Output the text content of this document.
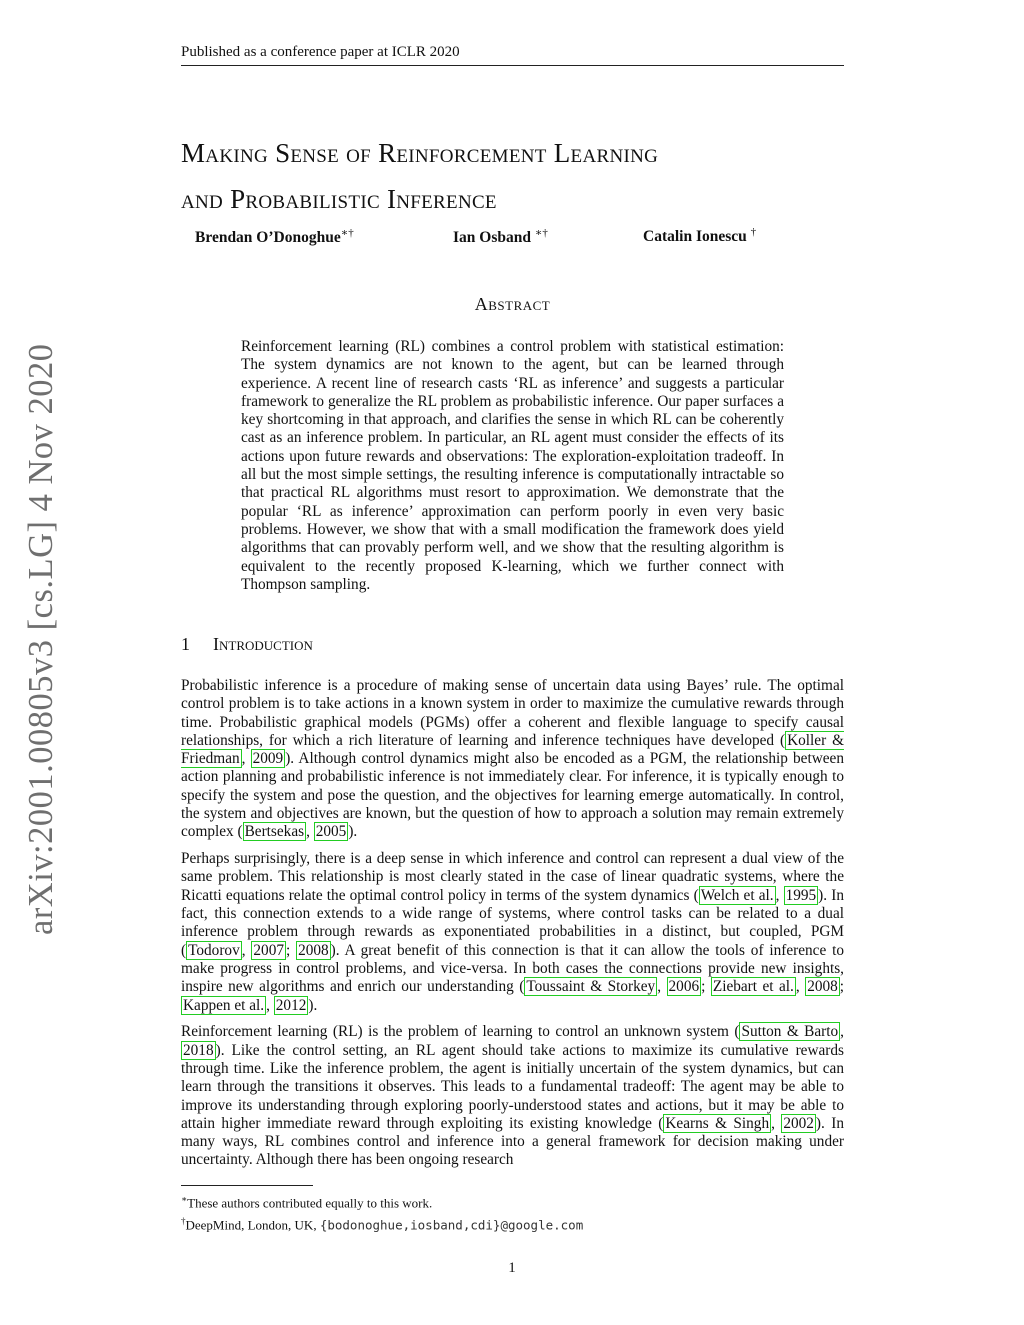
Published as a conference paper at ICLR 2020
Making Sense of Reinforcement Learning
and Probabilistic Inference
Brendan O’Donoghue∗†	Ian Osband ∗†	Catalin Ionescu †
Abstract
Reinforcement learning (RL) combines a control problem with statistical estimation: The system dynamics are not known to the agent, but can be learned through experience. A recent line of research casts ‘RL as inference’ and suggests a particular framework to generalize the RL problem as probabilistic inference. Our paper surfaces a key shortcoming in that approach, and clarifies the sense in which RL can be coherently cast as an inference problem. In particular, an RL agent must consider the effects of its actions upon future rewards and observations: The exploration-exploitation tradeoff. In all but the most simple settings, the resulting inference is computationally intractable so that practical RL algorithms must resort to approximation. We demonstrate that the popular ‘RL as inference’ approximation can perform poorly in even very basic problems. However, we show that with a small modification the framework does yield algorithms that can provably perform well, and we show that the resulting algorithm is equivalent to the recently proposed K-learning, which we further connect with Thompson sampling.
1 Introduction

Probabilistic inference is a procedure of making sense of uncertain data using Bayes’ rule. The optimal control problem is to take actions in a known system in order to maximize the cumulative rewards through time. Probabilistic graphical models (PGMs) offer a coherent and flexible language to specify causal relationships, for which a rich literature of learning and inference techniques have developed ( Koller & Friedman , 2009 ). Although control dynamics might also be encoded as a PGM, the relationship between action planning and probabilistic inference is not immediately clear. For inference, it is typically enough to specify the system and pose the question, and the objectives for learning emerge automatically. In control, the system and objectives are known, but the question of how to approach a solution may remain extremely complex ( Bertsekas , 2005 ).

Perhaps surprisingly, there is a deep sense in which inference and control can represent a dual view of the same problem. This relationship is most clearly stated in the case of linear quadratic systems, where the Ricatti equations relate the optimal control policy in terms of the system dynamics ( Welch et al. , 1995 ). In fact, this connection extends to a wide range of systems, where control tasks can be related to a dual inference problem through rewards as exponentiated probabilities in a distinct, but coupled, PGM ( Todorov , 2007 ; 2008 ). A great benefit of this connection is that it can allow the tools of inference to make progress in control problems, and vice-versa. In both cases the connections provide new insights, inspire new algorithms and enrich our understanding ( Toussaint & Storkey , 2006 ; Ziebart et al. , 2008 ; Kappen et al. , 2012 ).

Reinforcement learning (RL) is the problem of learning to control an unknown system ( Sutton & Barto , 2018 ). Like the control setting, an RL agent should take actions to maximize its cumulative rewards through time. Like the inference problem, the agent is initially uncertain of the system dynamics, but can learn through the transitions it observes. This leads to a fundamental tradeoff: The agent may be able to improve its understanding through exploring poorly-understood states and actions, but it may be able to attain higher immediate reward through exploiting its existing knowledge ( Kearns & Singh , 2002 ). In many ways, RL combines control and inference into a general framework for decision making under uncertainty. Although there has been ongoing research

∗These authors contributed equally to this work.
†DeepMind, London, UK, {bodonoghue,iosband,cdi}@google.com
1
arXiv:2001.00805v3 [cs.LG] 4 Nov 2020
